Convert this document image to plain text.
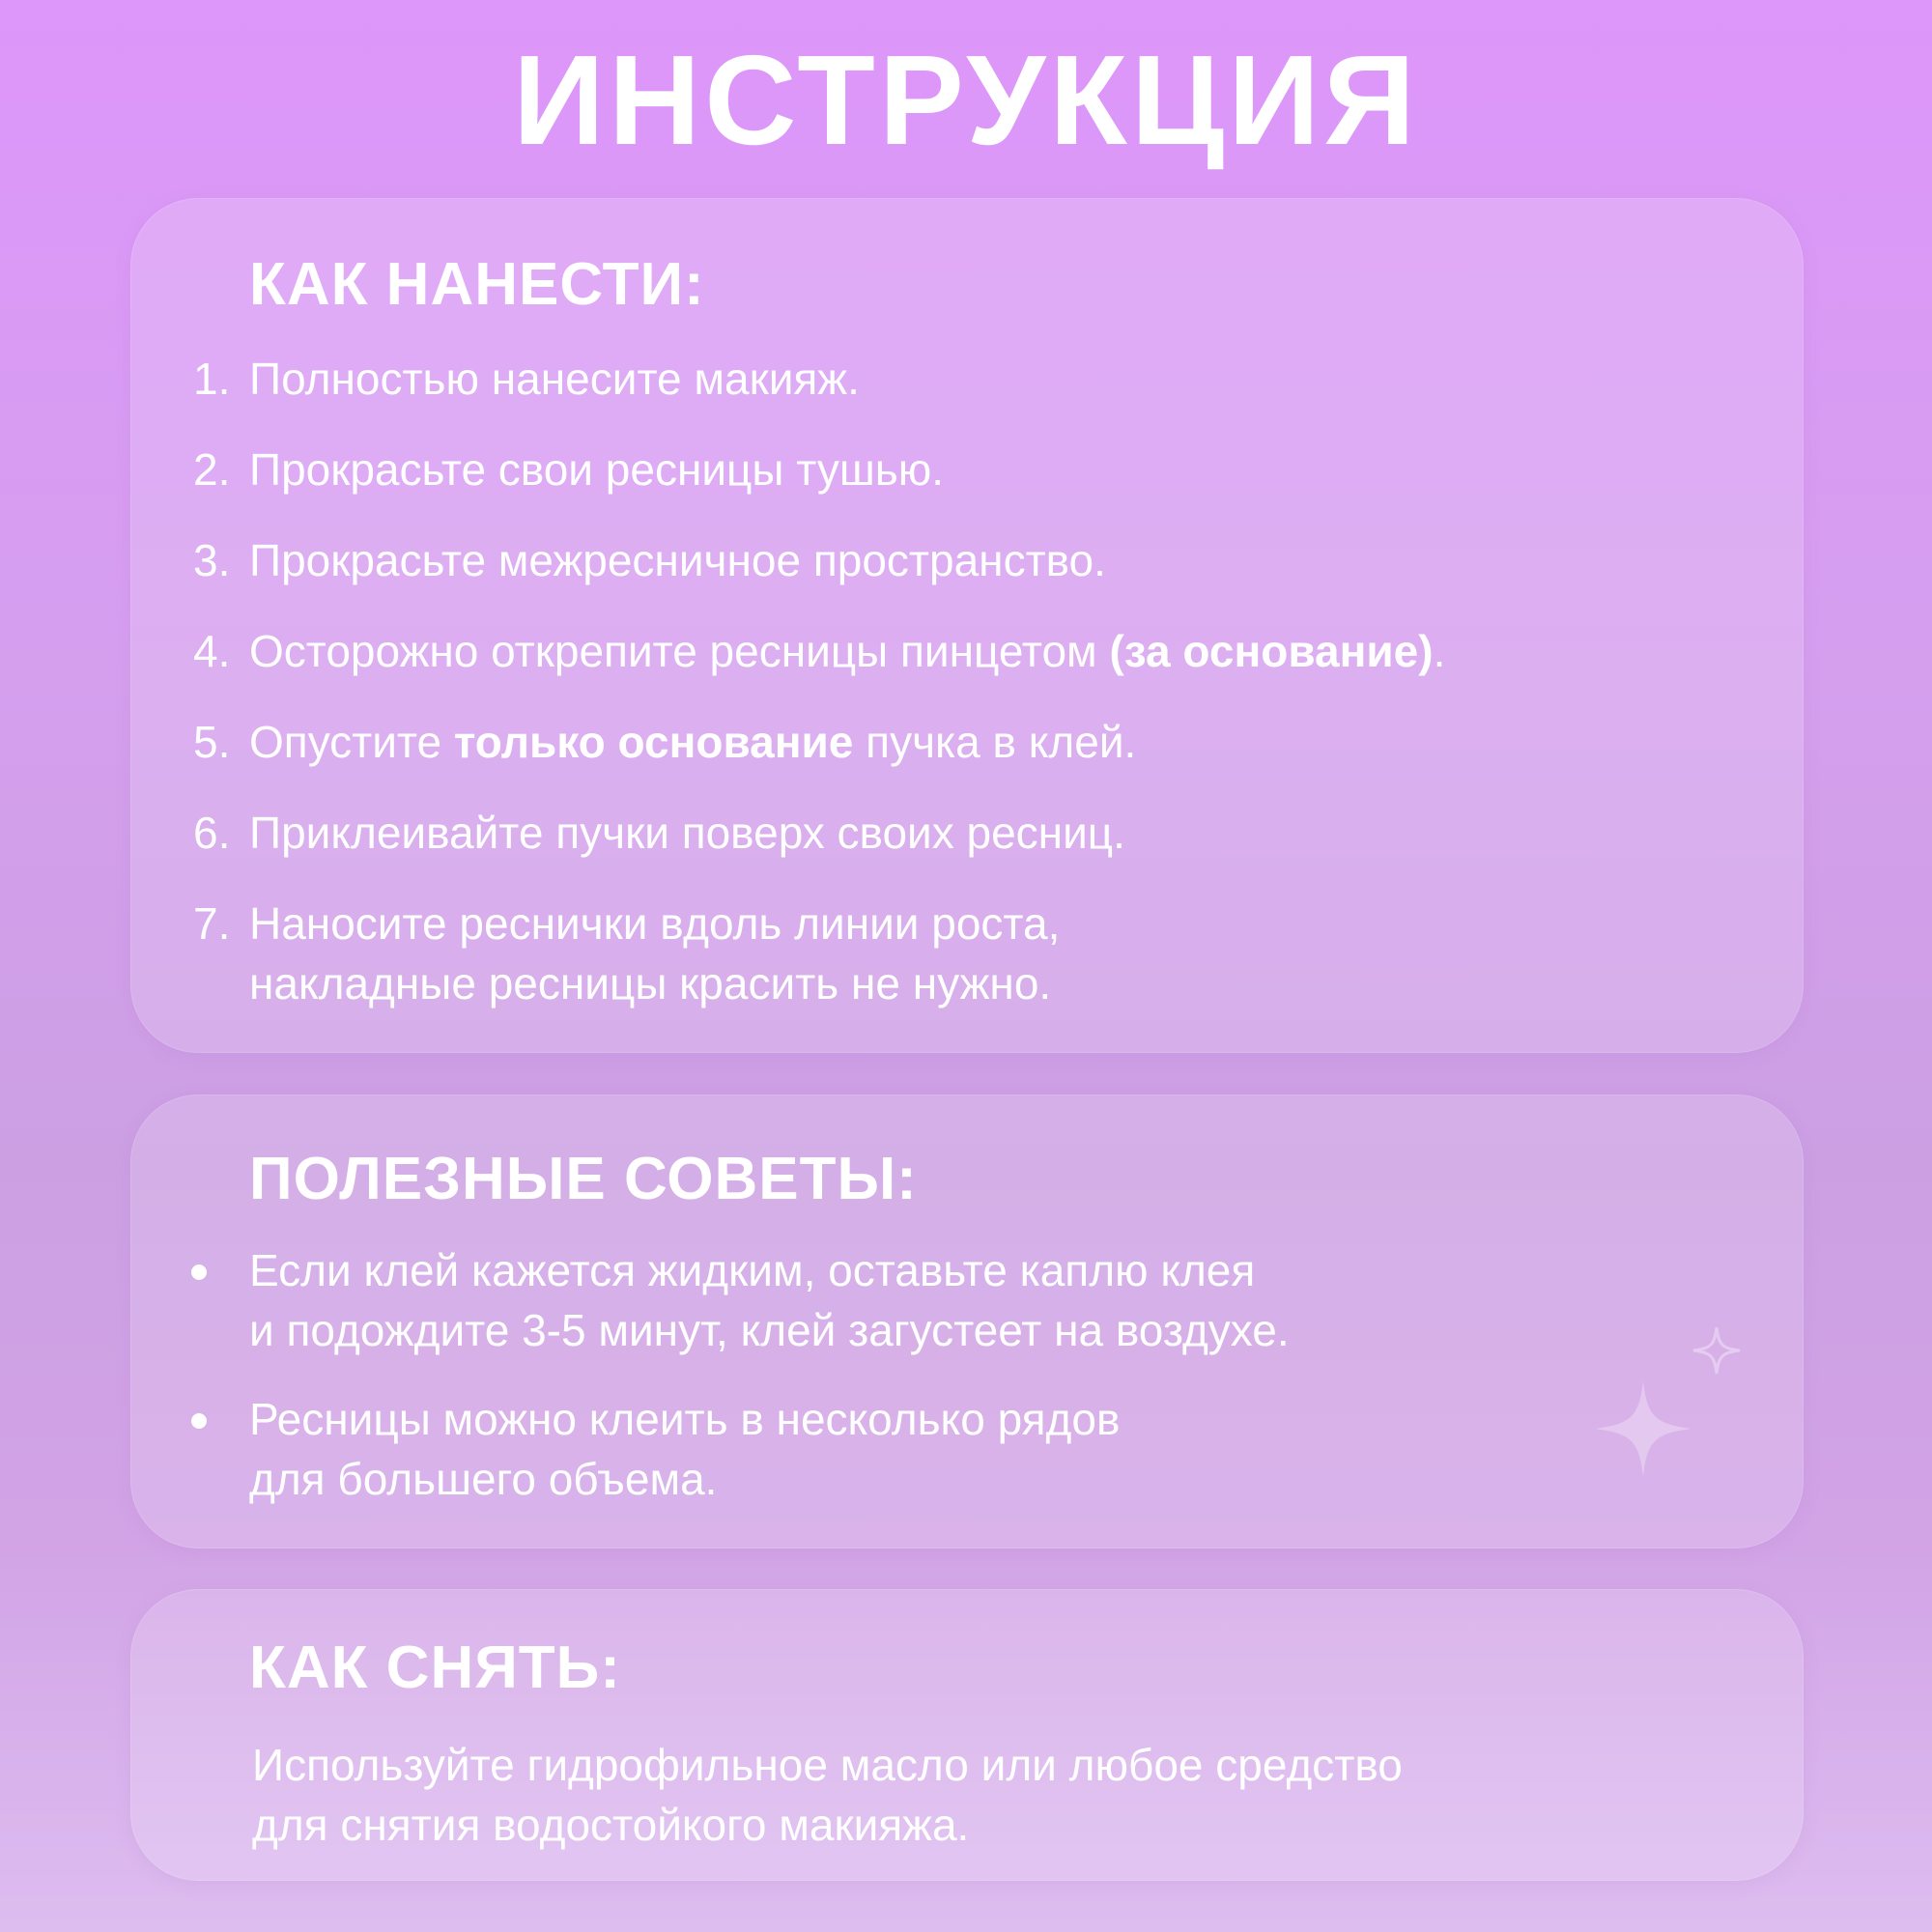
ИНСТРУКЦИЯ
КАК НАНЕСТИ:
1. Полностью нанесите макияж.
2. Прокрасьте свои ресницы тушью.
3. Прокрасьте межресничное пространство.
4. Осторожно открепите ресницы пинцетом (за основание).
5. Опустите только основание пучка в клей.
6. Приклеивайте пучки поверх своих ресниц.
7. Наносите реснички вдоль линии роста,
накладные ресницы красить не нужно.
ПОЛЕЗНЫЕ СОВЕТЫ:
Если клей кажется жидким, оставьте каплю клея
и подождите 3-5 минут, клей загустеет на воздухе.
Ресницы можно клеить в несколько рядов
для большего объема.
КАК СНЯТЬ:

Используйте гидрофильное масло или любое средство
для снятия водостойкого макияжа.
